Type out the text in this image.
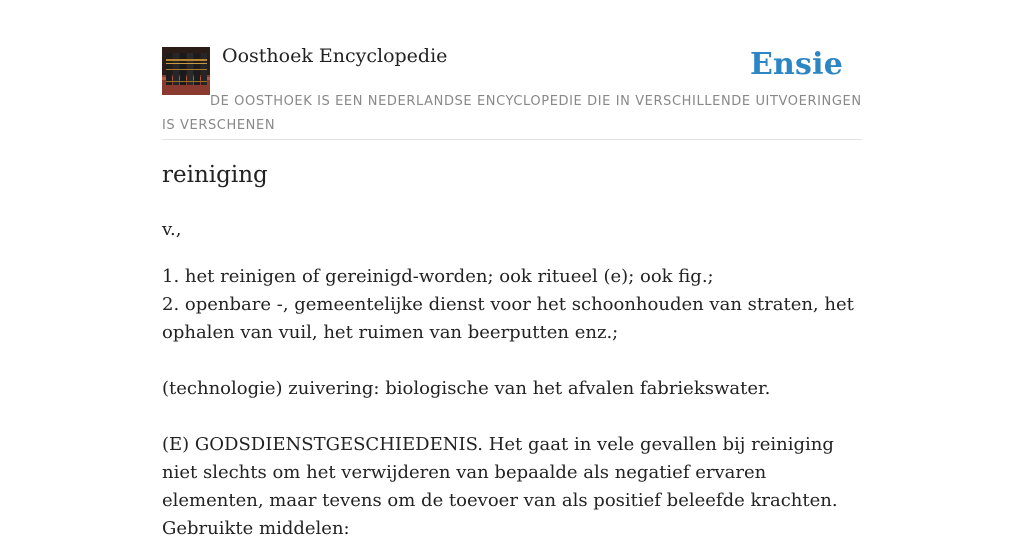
Oosthoek Encyclopedie	Ensie
DE OOSTHOEK IS EEN NEDERLANDSE ENCYCLOPEDIE DIE IN VERSCHILLENDE UITVOERINGEN IS VERSCHENEN
reiniging
v.,

1. het reinigen of gereinigd-worden; ook ritueel (e); ook fig.;

2. openbare -, gemeentelijke dienst voor het schoonhouden van straten, het ophalen van vuil, het ruimen van beerputten enz.;

(technologie) zuivering: biologische van het afvalen fabriekswater.

(E) GODSDIENSTGESCHIEDENIS. Het gaat in vele gevallen bij reiniging niet slechts om het verwijderen van bepaalde als negatief ervaren elementen, maar tevens om de toevoer van als positief beleefde krachten. Gebruikte middelen:
